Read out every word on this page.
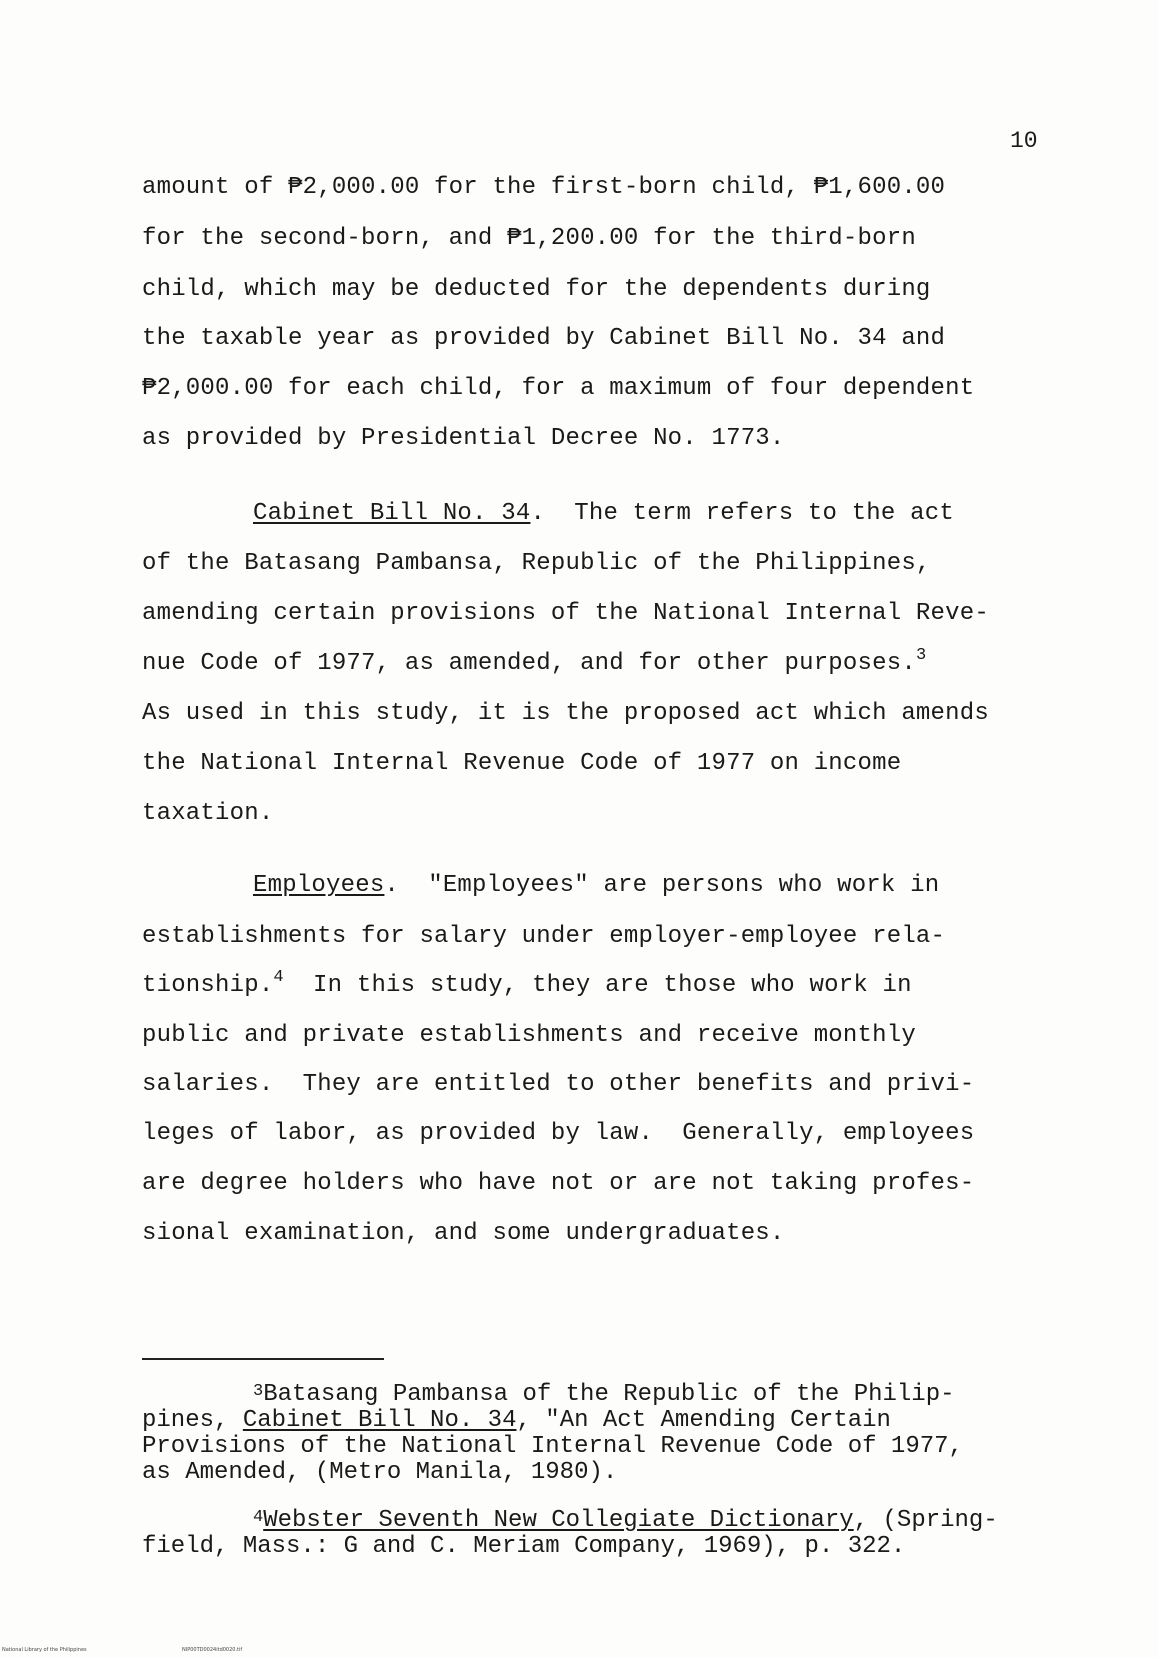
10
amount of ₱2,000.00 for the first-born child, ₱1,600.00
for the second-born, and ₱1,200.00 for the third-born
child, which may be deducted for the dependents during
the taxable year as provided by Cabinet Bill No. 34 and
₱2,000.00 for each child, for a maximum of four dependent
as provided by Presidential Decree No. 1773.
Cabinet Bill No. 34.  The term refers to the act
of the Batasang Pambansa, Republic of the Philippines,
amending certain provisions of the National Internal Reve-
nue Code of 1977, as amended, and for other purposes.$^3$
As used in this study, it is the proposed act which amends
the National Internal Revenue Code of 1977 on income
taxation.
Employees.  "Employees" are persons who work in
establishments for salary under employer-employee rela-
tionship.$^4$  In this study, they are those who work in
public and private establishments and receive monthly
salaries.  They are entitled to other benefits and privi-
leges of labor, as provided by law.  Generally, employees
are degree holders who have not or are not taking profes-
sional examination, and some undergraduates.
$^3$Batasang Pambansa of the Republic of the Philip-
pines, Cabinet Bill No. 34, "An Act Amending Certain
Provisions of the National Internal Revenue Code of 1977,
as Amended, (Metro Manila, 1980).
$^4$Webster Seventh New Collegiate Dictionary, (Spring-
field, Mass.: G and C. Meriam Company, 1969), p. 322.
National Library of the Philippines	NIP00TD0024itd0020.tif
